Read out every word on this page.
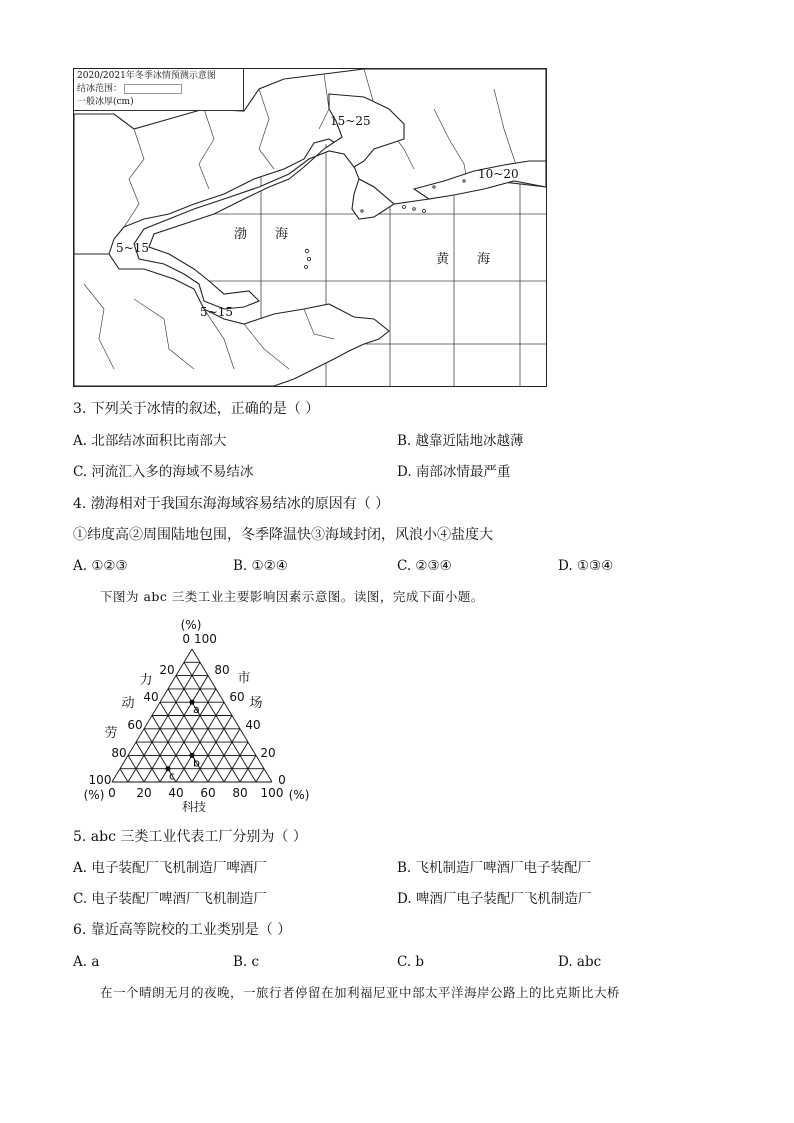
2020/2021年冬季冰情预测示意图
结冰范围：
一般冰厚(cm)
15~25
10~20
5~15
5~15
渤 海
黄 海
3. 下列关于冰情的叙述，正确的是（ ）
A. 北部结冰面积比南部大	B. 越靠近陆地冰越薄
C. 河流汇入多的海域不易结冰	D. 南部冰情最严重
4. 渤海相对于我国东海海域容易结冰的原因有（ ）
①纬度高②周围陆地包围，冬季降温快③海域封闭，风浪小④盐度大
A. ①②③	B. ①②④	C. ②③④	D. ①③④
下图为 abc 三类工业主要影响因素示意图。读图，完成下面小题。
b
c
a
(%)
0 100
20
40
60
80
100
80
60
40
20
0
0 20 40 60 80 100
(%)	(%)
科技
力
动
劳
市
场
5. abc 三类工业代表工厂分别为（ ）
A. 电子装配厂飞机制造厂啤酒厂	B. 飞机制造厂啤酒厂电子装配厂
C. 电子装配厂啤酒厂飞机制造厂	D. 啤酒厂电子装配厂飞机制造厂
6. 靠近高等院校的工业类别是（ ）
A. a	B. c	C. b	D. abc
在一个晴朗无月的夜晚，一旅行者停留在加利福尼亚中部太平洋海岸公路上的比克斯比大桥
